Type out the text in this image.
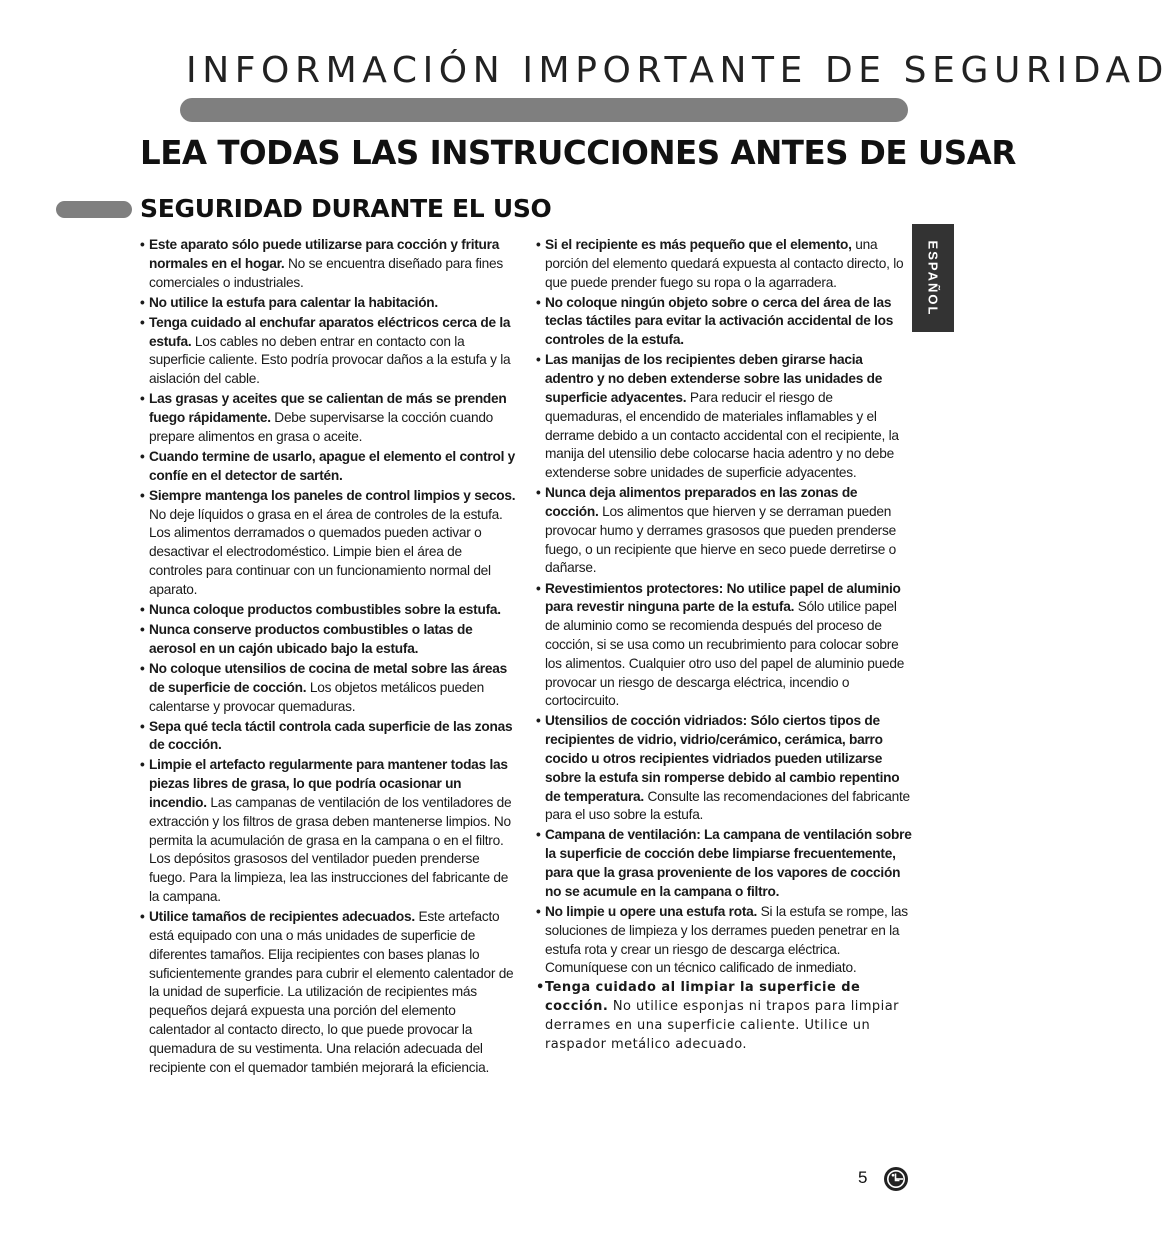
INFORMACIÓN IMPORTANTE DE SEGURIDAD
LEA TODAS LAS INSTRUCCIONES ANTES DE USAR
SEGURIDAD DURANTE EL USO
ESPAÑOL
• Este aparato sólo puede utilizarse para cocción y fritura normales en el hogar. No se encuentra diseñado para fines comerciales o industriales.
• No utilice la estufa para calentar la habitación.
• Tenga cuidado al enchufar aparatos eléctricos cerca de la estufa. Los cables no deben entrar en contacto con la superficie caliente. Esto podría provocar daños a la estufa y la aislación del cable.
• Las grasas y aceites que se calientan de más se prenden fuego rápidamente. Debe supervisarse la cocción cuando prepare alimentos en grasa o aceite.
• Cuando termine de usarlo, apague el elemento el control y confíe en el detector de sartén.
• Siempre mantenga los paneles de control limpios y secos. No deje líquidos o grasa en el área de controles de la estufa. Los alimentos derramados o quemados pueden activar o desactivar el electrodoméstico. Limpie bien el área de controles para continuar con un funcionamiento normal del aparato.
• Nunca coloque productos combustibles sobre la estufa.
• Nunca conserve productos combustibles o latas de aerosol en un cajón ubicado bajo la estufa.
• No coloque utensilios de cocina de metal sobre las áreas de superficie de cocción. Los objetos metálicos pueden calentarse y provocar quemaduras.
• Sepa qué tecla táctil controla cada superficie de las zonas de cocción.
• Limpie el artefacto regularmente para mantener todas las piezas libres de grasa, lo que podría ocasionar un incendio. Las campanas de ventilación de los ventiladores de extracción y los filtros de grasa deben mantenerse limpios. No permita la acumulación de grasa en la campana o en el filtro. Los depósitos grasosos del ventilador pueden prenderse fuego. Para la limpieza, lea las instrucciones del fabricante de la campana.
• Utilice tamaños de recipientes adecuados. Este artefacto está equipado con una o más unidades de superficie de diferentes tamaños. Elija recipientes con bases planas lo suficientemente grandes para cubrir el elemento calentador de la unidad de superficie. La utilización de recipientes más pequeños dejará expuesta una porción del elemento calentador al contacto directo, lo que puede provocar la quemadura de su vestimenta. Una relación adecuada del recipiente con el quemador también mejorará la eficiencia.
• Si el recipiente es más pequeño que el elemento, una porción del elemento quedará expuesta al contacto directo, lo que puede prender fuego su ropa o la agarradera.
• No coloque ningún objeto sobre o cerca del área de las teclas táctiles para evitar la activación accidental de los controles de la estufa.
• Las manijas de los recipientes deben girarse hacia adentro y no deben extenderse sobre las unidades de superficie adyacentes. Para reducir el riesgo de quemaduras, el encendido de materiales inflamables y el derrame debido a un contacto accidental con el recipiente, la manija del utensilio debe colocarse hacia adentro y no debe extenderse sobre unidades de superficie adyacentes.
• Nunca deja alimentos preparados en las zonas de cocción. Los alimentos que hierven y se derraman pueden provocar humo y derrames grasosos que pueden prenderse fuego, o un recipiente que hierve en seco puede derretirse o dañarse.
• Revestimientos protectores: No utilice papel de aluminio para revestir ninguna parte de la estufa. Sólo utilice papel de aluminio como se recomienda después del proceso de cocción, si se usa como un recubrimiento para colocar sobre los alimentos. Cualquier otro uso del papel de aluminio puede provocar un riesgo de descarga eléctrica, incendio o cortocircuito.
• Utensilios de cocción vidriados: Sólo ciertos tipos de recipientes de vidrio, vidrio/cerámico, cerámica, barro cocido u otros recipientes vidriados pueden utilizarse sobre la estufa sin romperse debido al cambio repentino de temperatura. Consulte las recomendaciones del fabricante para el uso sobre la estufa.
• Campana de ventilación: La campana de ventilación sobre la superficie de cocción debe limpiarse frecuentemente, para que la grasa proveniente de los vapores de cocción no se acumule en la campana o filtro.
• No limpie u opere una estufa rota. Si la estufa se rompe, las soluciones de limpieza y los derrames pueden penetrar en la estufa rota y crear un riesgo de descarga eléctrica. Comuníquese con un técnico calificado de inmediato.
• Tenga cuidado al limpiar la superficie de cocción. No utilice esponjas ni trapos para limpiar derrames en una superficie caliente. Utilice un raspador metálico adecuado.
5
